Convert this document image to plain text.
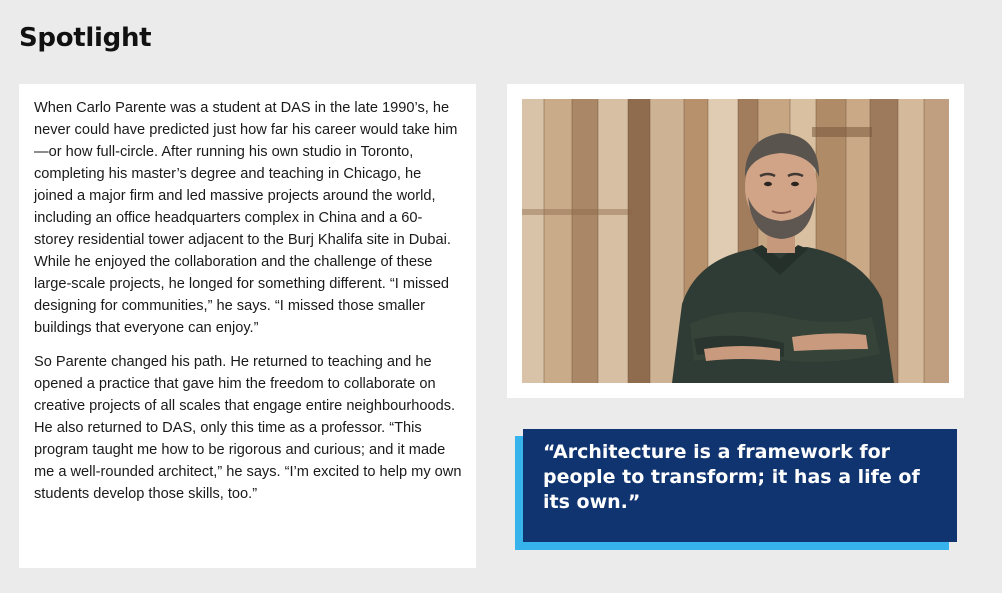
Spotlight

When Carlo Parente was a student at DAS in the late 1990’s, he never could have predicted just how far his career would take him—or how full-circle. After running his own studio in Toronto, completing his master’s degree and teaching in Chicago, he joined a major firm and led massive projects around the world, including an office headquarters complex in China and a 60-storey residential tower adjacent to the Burj Khalifa site in Dubai. While he enjoyed the collaboration and the challenge of these large-scale projects, he longed for something different. “I missed designing for communities,” he says. “I missed those smaller buildings that everyone can enjoy.”

So Parente changed his path. He returned to teaching and he opened a practice that gave him the freedom to collaborate on creative projects of all scales that engage entire neighbourhoods. He also returned to DAS, only this time as a professor. “This program taught me how to be rigorous and curious; and it made me a well-rounded architect,” he says. “I’m excited to help my own students develop those skills, too.”

“Architecture is a framework for people to transform; it has a life of its own.”
